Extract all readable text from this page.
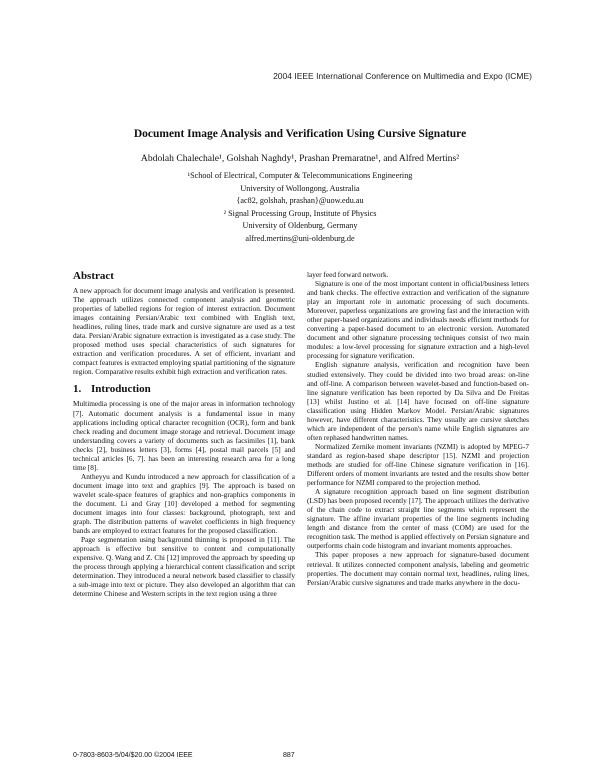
2004 IEEE International Conference on Multimedia and Expo (ICME)
Document Image Analysis and Verification Using Cursive Signature
Abdolah Chalechale¹, Golshah Naghdy¹, Prashan Premaratne¹, and Alfred Mertins²
¹School of Electrical, Computer & Telecommunications Engineering
University of Wollongong, Australia
{ac82, golshah, prashan}@uow.edu.au
² Signal Processing Group, Institute of Physics
University of Oldenburg, Germany
alfred.mertins@uni-oldenburg.de
Abstract

A new approach for document image analysis and verification is presented. The approach utilizes connected component analysis and geometric properties of labelled regions for region of interest extraction. Document images containing Persian/Arabic text combined with English text, headlines, ruling lines, trade mark and cursive signature are used as a test data. Persian/Arabic signature extraction is investigated as a case study. The proposed method uses special characteristics of such signatures for extraction and verification procedures. A set of efficient, invariant and compact features is extracted employing spatial partitioning of the signature region. Comparative results exhibit high extraction and verification rates.

1. Introduction

Multimedia processing is one of the major areas in information technology [7]. Automatic document analysis is a fundamental issue in many applications including optical character recognition (OCR), form and bank check reading and document image storage and retrieval. Document image understanding covers a variety of documents such as facsimiles [1], bank checks [2], business letters [3], forms [4], postal mail parcels [5] and technical articles [6, 7]. has been an interesting research area for a long time [8].

Antheyyu and Kundu introduced a new approach for classification of a document image into text and graphics [9]. The approach is based on wavelet scale-space features of graphics and non-graphics components in the document. Li and Gray [10] developed a method for segmenting document images into four classes: background, photograph, text and graph. The distribution patterns of wavelet coefficients in high frequency bands are employed to extract features for the proposed classification.

Page segmentation using background thinning is proposed in [11]. The approach is effective but sensitive to content and computationally expensive. Q. Wang and Z. Chi [12] improved the approach by speeding up the process through applying a hierarchical content classification and script determination. They introduced a neural network based classifier to classify a sub-image into text or picture. They also developed an algorithm that can determine Chinese and Western scripts in the text region using a three

layer feed forward network.

Signature is one of the most important content in official/business letters and bank checks. The effective extraction and verification of the signature play an important role in automatic processing of such documents. Moreover, paperless organizations are growing fast and the interaction with other paper-based organizations and individuals needs efficient methods for converting a paper-based document to an electronic version. Automated document and other signature processing techniques consist of two main modules: a low-level processing for signature extraction and a high-level processing for signature verification.

English signature analysis, verification and recognition have been studied extensively. They could be divided into two broad areas: on-line and off-line. A comparison between wavelet-based and function-based on-line signature verification has been reported by Da Silva and De Freitas [13] whilst Justino et al. [14] have focused on off-line signature classification using Hidden Markov Model. Persian/Arabic signatures however, have different characteristics. They usually are cursive sketches which are independent of the person's name while English signatures are often rephased handwritten names.

Normalized Zernike moment invariants (NZMI) is adopted by MPEG-7 standard as region-based shape descriptor [15]. NZMI and projection methods are studied for off-line Chinese signature verification in [16]. Different orders of moment invariants are tested and the results show better performance for NZMI compared to the projection method.

A signature recognition approach based on line segment distribution (LSD) has been proposed recently [17]. The approach utilizes the derivative of the chain code to extract straight line segments which represent the signature. The affine invariant properties of the line segments including length and distance from the center of mass (COM) are used for the recognition task. The method is applied effectively on Persian signature and outperforms chain code histogram and invariant moments approaches.

This paper proposes a new approach for signature-based document retrieval. It utilizes connected component analysis, labeling and geometric properties. The document may contain normal text, headlines, ruling lines, Persian/Arabic cursive signatures and trade marks anywhere in the docu-

0-7803-8603-5/04/$20.00 ©2004 IEEE	887
